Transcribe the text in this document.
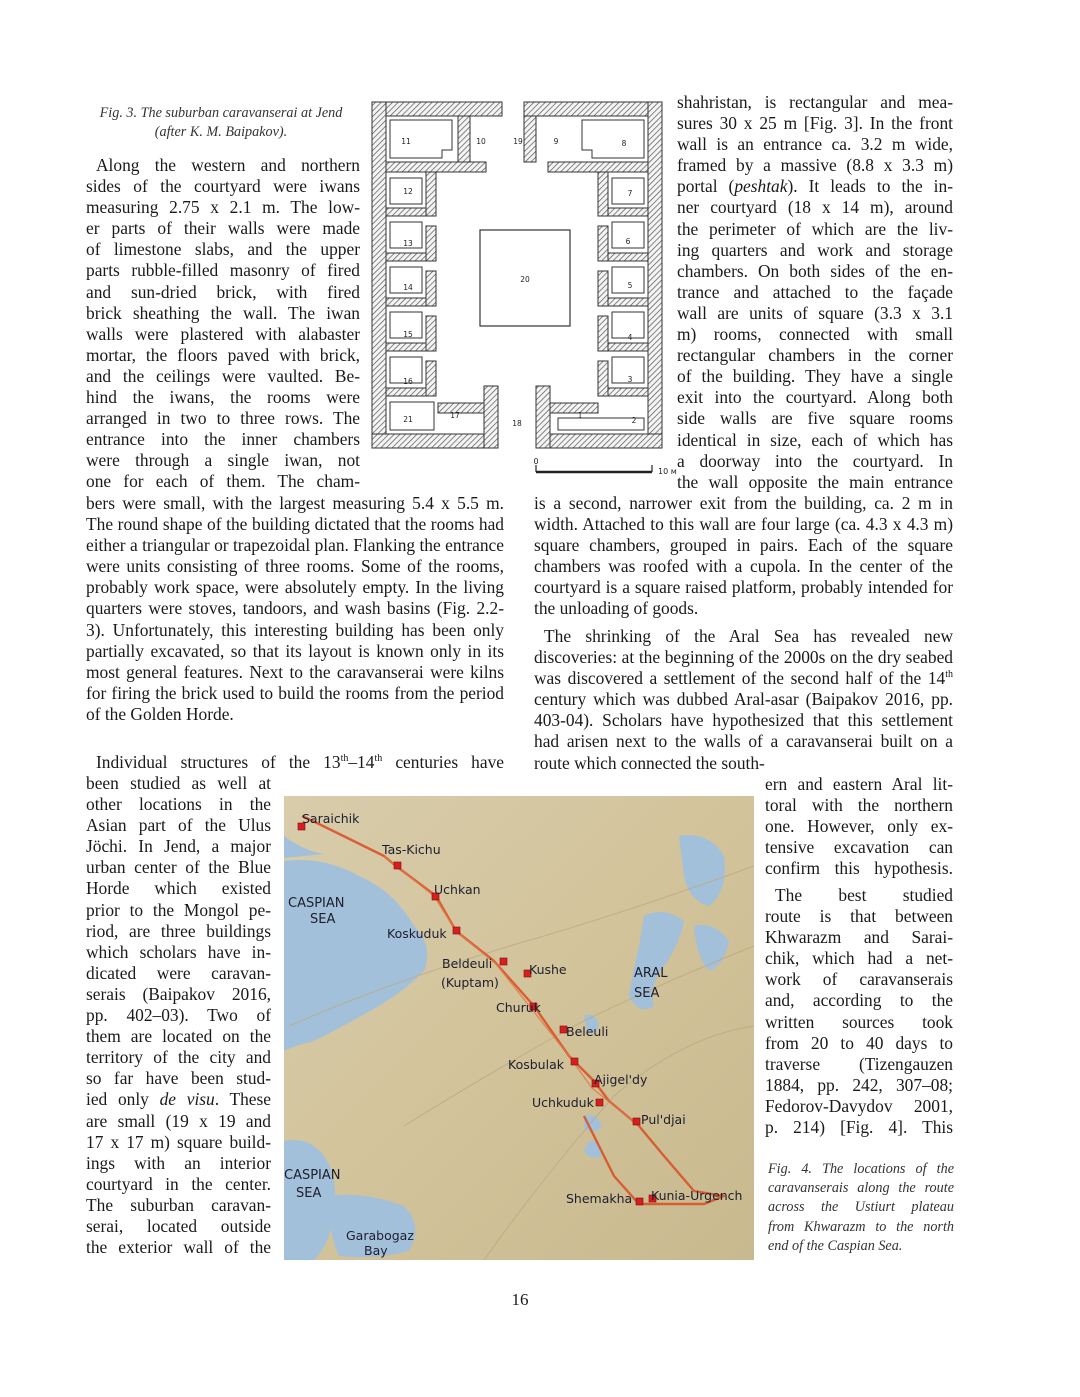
Fig. 3. The suburban caravanserai at Jend
(after K. M. Baipakov).
11	10	19	9	8
12	7
13	6
20
14	5
15	4
16	3
21	17
18
1
2
0
10 м
Along the western and northern
sides of the courtyard were iwans
measuring 2.75 x 2.1 m. The low-
er parts of their walls were made
of limestone slabs, and the upper
parts rubble-filled masonry of fired
and sun-dried brick, with fired
brick sheathing the wall. The iwan
walls were plastered with alabaster
mortar, the floors paved with brick,
and the ceilings were vaulted. Be-
hind the iwans, the rooms were
arranged in two to three rows. The
entrance into the inner chambers
were through a single iwan, not
one for each of them. The cham-
bers were small, with the largest measuring 5.4 x 5.5 m. The round shape of the building dictated that the rooms had either a triangular or trapezoidal plan. Flanking the entrance were units consisting of three rooms. Some of the rooms, probably work space, were absolutely empty. In the living quarters were stoves, tandoors, and wash basins (Fig. 2.2-3). Unfortunately, this interesting building has been only partially excavated, so that its layout is known only in its most general features. Next to the caravanserai were kilns for firing the brick used to build the rooms from the period of the Golden Horde.
Individual structures of the 13th–14th centuries have
been studied as well at
other locations in the
Asian part of the Ulus
Jöchi. In Jend, a major
urban center of the Blue
Horde which existed
prior to the Mongol pe-
riod, are three buildings
which scholars have in-
dicated were caravan-
serais (Baipakov 2016,
pp. 402–03). Two of
them are located on the
territory of the city and
so far have been stud-
ied only de visu. These
are small (19 x 19 and
17 x 17 m) square build-
ings with an interior
courtyard in the center.
The suburban caravan-
serai, located outside
the exterior wall of the
shahristan, is rectangular and mea-
sures 30 x 25 m [Fig. 3]. In the front
wall is an entrance ca. 3.2 m wide,
framed by a massive (8.8 x 3.3 m)
portal (peshtak). It leads to the in-
ner courtyard (18 x 14 m), around
the perimeter of which are the liv-
ing quarters and work and storage
chambers. On both sides of the en-
trance and attached to the façade
wall are units of square (3.3 x 3.1
m) rooms, connected with small
rectangular chambers in the corner
of the building. They have a single
exit into the courtyard. Along both
side walls are five square rooms
identical in size, each of which has
a doorway into the courtyard. In
the wall opposite the main entrance
is a second, narrower exit from the building, ca. 2 m in width. Attached to this wall are four large (ca. 4.3 x 4.3 m) square chambers, grouped in pairs. Each of the square chambers was roofed with a cupola. In the center of the courtyard is a square raised platform, probably intended for the unloading of goods.
The shrinking of the Aral Sea has revealed new discoveries: at the beginning of the 2000s on the dry seabed was discovered a settlement of the second half of the 14th century which was dubbed Aral-asar (Baipakov 2016, pp. 403-04). Scholars have hypothesized that this settlement had arisen next to the walls of a caravanserai built on a route which connected the south-
ern and eastern Aral lit-
toral with the northern
one. However, only ex-
tensive excavation can
confirm this hypothesis.
The best studied
route is that between
Khwarazm and Sarai-
chik, which had a net-
work of caravanserais
and, according to the
written sources took
from 20 to 40 days to
traverse (Tizengauzen
1884, pp. 242, 307–08;
Fedorov-Davydov 2001,
p. 214) [Fig. 4]. This
Fig. 4. The locations of the
caravanserais along the route
across the Ustiurt plateau
from Khwarazm to the north
end of the Caspian Sea.
Saraichik
Tas-Kichu
Uchkan
Koskuduk
Beldeuli
(Kuptam)
Kushe
Churuk
Beleuli
Kosbulak
Ajigel'dy
Uchkuduk
Pul'djai
Shemakha Kunia-Urgench
CASPIAN
SEA
ARAL
SEA
CASPIAN
SEA
Garabogaz
Bay
16
